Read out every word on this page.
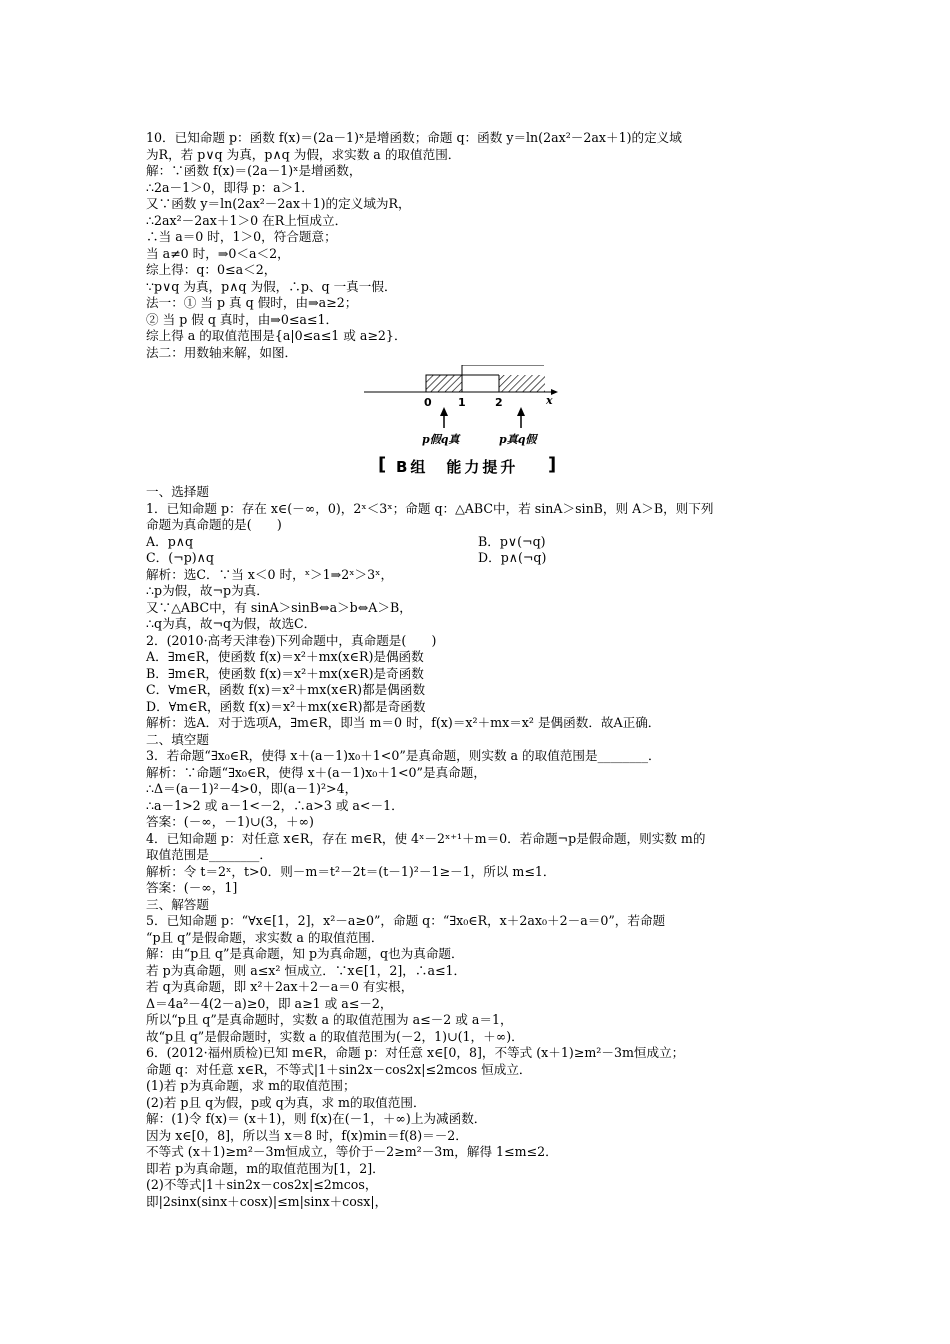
10．已知命题 p：函数 f(x)＝(2a－1)ˣ是增函数；命题 q：函数 y＝ln(2ax²－2ax＋1)的定义域
为R，若 p∨q 为真，p∧q 为假，求实数 a 的取值范围．
解：∵函数 f(x)＝(2a－1)ˣ是增函数，
∴2a－1＞0，即得 p：a＞1．
又∵函数 y＝ln(2ax²－2ax＋1)的定义域为R，
∴2ax²－2ax＋1＞0 在R上恒成立．
∴当 a＝0 时，1＞0，符合题意；
当 a≠0 时，⇒0＜a＜2，
综上得：q：0≤a＜2，
∵p∨q 为真，p∧q 为假，∴p、q 一真一假．
法一：① 当 p 真 q 假时，由⇒a≥2；
② 当 p 假 q 真时，由⇒0≤a≤1．
综上得 a 的取值范围是{a|0≤a≤1 或 a≥2}．
法二：用数轴来解，如图．
0 1	2	x
p假q真	p真q假
[ B组　能力提升 ]
一、选择题
1．已知命题 p：存在 x∈(－∞，0)，2ˣ＜3ˣ；命题 q：△ABC中，若 sinA＞sinB，则 A＞B，则下列
命题为真命题的是(　　)
A．p∧q	B．p∨(¬q)
C．(¬p)∧q	D．p∧(¬q)
解析：选C．∵当 x＜0 时，ˣ＞1⇒2ˣ＞3ˣ，
∴p为假，故¬p为真．
又∵△ABC中，有 sinA＞sinB⇔a＞b⇔A＞B，
∴q为真，故¬q为假，故选C．
2．(2010·高考天津卷)下列命题中，真命题是(　　)
A．∃m∈R，使函数 f(x)＝x²＋mx(x∈R)是偶函数
B．∃m∈R，使函数 f(x)＝x²＋mx(x∈R)是奇函数
C．∀m∈R，函数 f(x)＝x²＋mx(x∈R)都是偶函数
D．∀m∈R，函数 f(x)＝x²＋mx(x∈R)都是奇函数
解析：选A．对于选项A，∃m∈R，即当 m＝0 时，f(x)＝x²＋mx＝x² 是偶函数．故A正确．
二、填空题
3．若命题“∃x₀∈R，使得 x＋(a－1)x₀＋1<0”是真命题，则实数 a 的取值范围是________．
解析：∵命题“∃x₀∈R，使得 x＋(a－1)x₀＋1<0”是真命题，
∴Δ＝(a－1)²－4>0，即(a－1)²>4，
∴a－1>2 或 a－1<－2，∴a>3 或 a<－1．
答案：(－∞，－1)∪(3，＋∞)
4．已知命题 p：对任意 x∈R，存在 m∈R，使 4ˣ－2ˣ⁺¹＋m＝0．若命题¬p是假命题，则实数 m的
取值范围是________．
解析：令 t＝2ˣ，t>0．则－m＝t²－2t＝(t－1)²－1≥－1，所以 m≤1．
答案：(－∞，1]
三、解答题
5．已知命题 p：“∀x∈[1，2]，x²－a≥0”，命题 q：“∃x₀∈R，x＋2ax₀＋2－a＝0”，若命题
“p且 q”是假命题，求实数 a 的取值范围．
解：由“p且 q”是真命题，知 p为真命题，q也为真命题．
若 p为真命题，则 a≤x² 恒成立．∵x∈[1，2]，∴a≤1．
若 q为真命题，即 x²＋2ax＋2－a＝0 有实根，
Δ＝4a²－4(2－a)≥0，即 a≥1 或 a≤－2，
所以“p且 q”是真命题时，实数 a 的取值范围为 a≤－2 或 a＝1，
故“p且 q”是假命题时，实数 a 的取值范围为(－2，1)∪(1，＋∞)．
6．(2012·福州质检)已知 m∈R，命题 p：对任意 x∈[0，8]，不等式 (x＋1)≥m²－3m恒成立；
命题 q：对任意 x∈R，不等式|1＋sin2x－cos2x|≤2mcos 恒成立．
(1)若 p为真命题，求 m的取值范围；
(2)若 p且 q为假，p或 q为真，求 m的取值范围．
解：(1)令 f(x)＝ (x＋1)，则 f(x)在(－1，＋∞)上为减函数．
因为 x∈[0，8]，所以当 x＝8 时，f(x)min＝f(8)＝－2．
不等式 (x＋1)≥m²－3m恒成立，等价于－2≥m²－3m，解得 1≤m≤2．
即若 p为真命题，m的取值范围为[1，2]．
(2)不等式|1＋sin2x－cos2x|≤2mcos，
即|2sinx(sinx＋cosx)|≤m|sinx＋cosx|，
